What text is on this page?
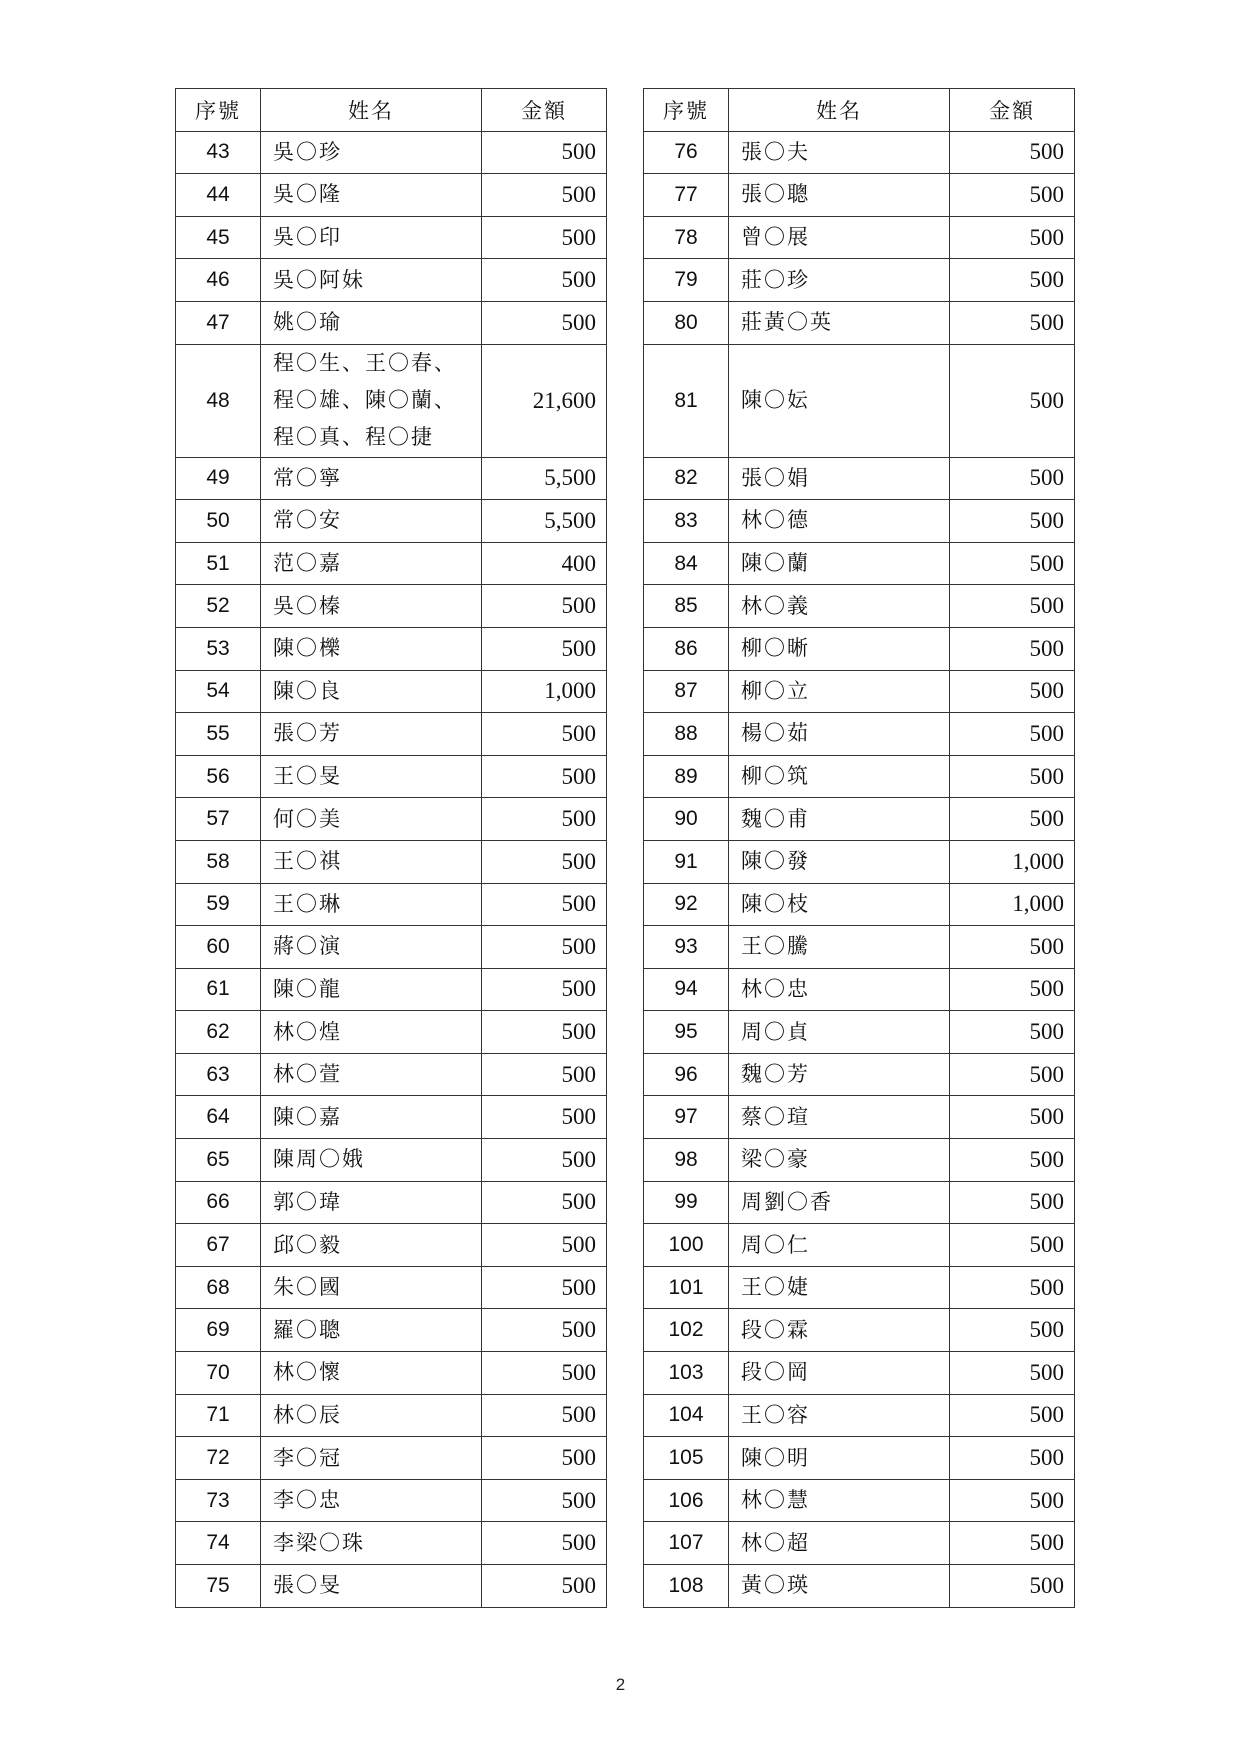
序號	姓名	金額
43	吳〇珍	500
44	吳〇隆	500
45	吳〇印	500
46	吳〇阿妹	500
47	姚〇瑜	500
48	程〇生、王〇春、程〇雄、陳〇蘭、程〇真、程〇捷	21,600
49	常〇寧	5,500
50	常〇安	5,500
51	范〇嘉	400
52	吳〇榛	500
53	陳〇櫟	500
54	陳〇良	1,000
55	張〇芳	500
56	王〇旻	500
57	何〇美	500
58	王〇祺	500
59	王〇琳	500
60	蔣〇演	500
61	陳〇龍	500
62	林〇煌	500
63	林〇萱	500
64	陳〇嘉	500
65	陳周〇娥	500
66	郭〇瑋	500
67	邱〇毅	500
68	朱〇國	500
69	羅〇聰	500
70	林〇懷	500
71	林〇辰	500
72	李〇冠	500
73	李〇忠	500
74	李梁〇珠	500
75	張〇旻	500
序號	姓名	金額
76	張〇夫	500
77	張〇聰	500
78	曾〇展	500
79	莊〇珍	500
80	莊黃〇英	500
81	陳〇妘	500
82	張〇娟	500
83	林〇德	500
84	陳〇蘭	500
85	林〇義	500
86	柳〇晰	500
87	柳〇立	500
88	楊〇茹	500
89	柳〇筑	500
90	魏〇甫	500
91	陳〇發	1,000
92	陳〇枝	1,000
93	王〇騰	500
94	林〇忠	500
95	周〇貞	500
96	魏〇芳	500
97	蔡〇瑄	500
98	梁〇豪	500
99	周劉〇香	500
100	周〇仁	500
101	王〇婕	500
102	段〇霖	500
103	段〇岡	500
104	王〇容	500
105	陳〇明	500
106	林〇慧	500
107	林〇超	500
108	黃〇瑛	500
2
